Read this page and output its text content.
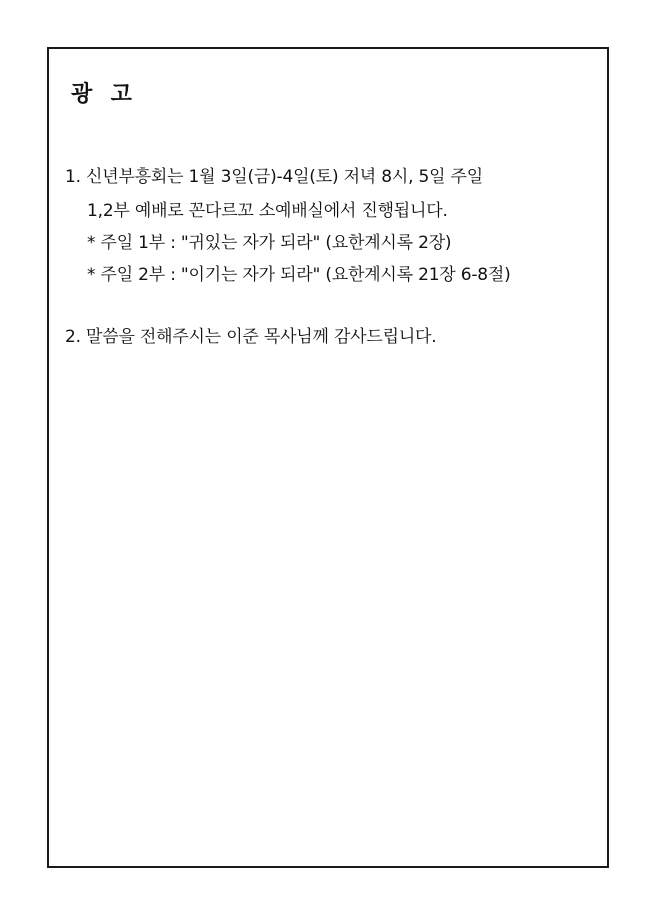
광  고
1. 신년부흥회는 1월 3일(금)-4일(토) 저녁 8시, 5일 주일
1,2부 예배로 꼰다르꼬 소예배실에서 진행됩니다.
* 주일 1부 : "귀있는 자가 되라" (요한계시록 2장)
* 주일 2부 : "이기는 자가 되라" (요한계시록 21장 6-8절)
2. 말씀을 전해주시는 이준 목사님께 감사드립니다.
